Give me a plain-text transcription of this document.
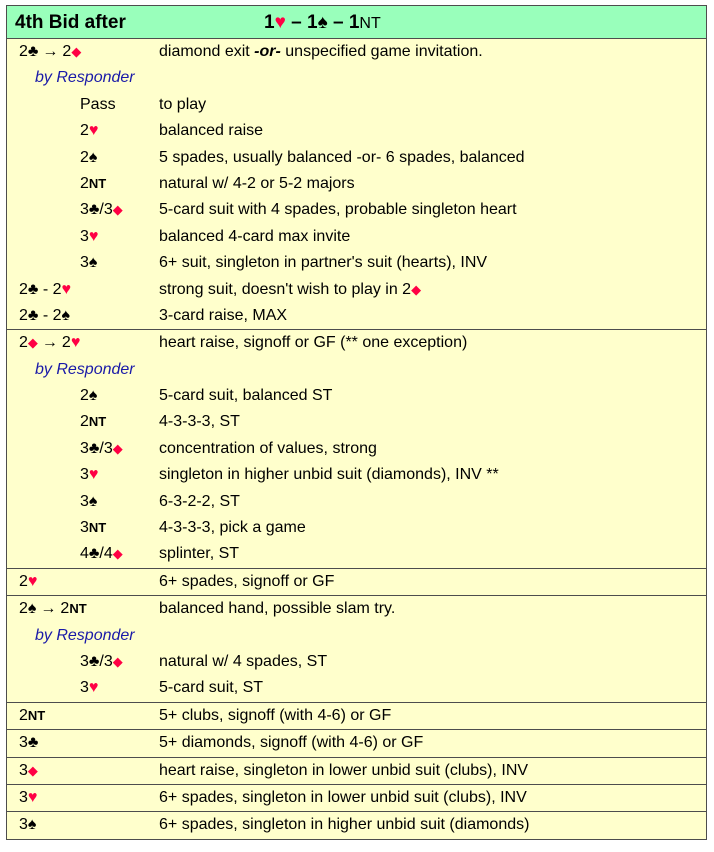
4th Bid after	1♥ – 1♠ – 1NT
2♣ → 2◆	diamond exit -or- unspecified game invitation.
by Responder
Pass	to play
2♥	balanced raise
2♠	5 spades, usually balanced -or- 6 spades, balanced
2NT	natural w/ 4-2 or 5-2 majors
3♣/3◆ 5-card suit with 4 spades, probable singleton heart
3♥	balanced 4-card max invite
3♠	6+ suit, singleton in partner's suit (hearts), INV
2♣ - 2♥	strong suit, doesn't wish to play in 2◆
2♣ - 2♠	3-card raise, MAX
2◆ → 2♥	heart raise, signoff or GF (** one exception)
by Responder
2♠	5-card suit, balanced ST
2NT	4-3-3-3, ST
3♣/3◆ concentration of values, strong
3♥	singleton in higher unbid suit (diamonds), INV **
3♠	6-3-2-2, ST
3NT	4-3-3-3, pick a game
4♣/4◆ splinter, ST
2♥	6+ spades, signoff or GF
2♠ → 2NT	balanced hand, possible slam try.
by Responder
3♣/3◆ natural w/ 4 spades, ST
3♥	5-card suit, ST
2NT	5+ clubs, signoff (with 4-6) or GF
3♣	5+ diamonds, signoff (with 4-6) or GF
3◆	heart raise, singleton in lower unbid suit (clubs), INV
3♥	6+ spades, singleton in lower unbid suit (clubs), INV
3♠	6+ spades, singleton in higher unbid suit (diamonds)
